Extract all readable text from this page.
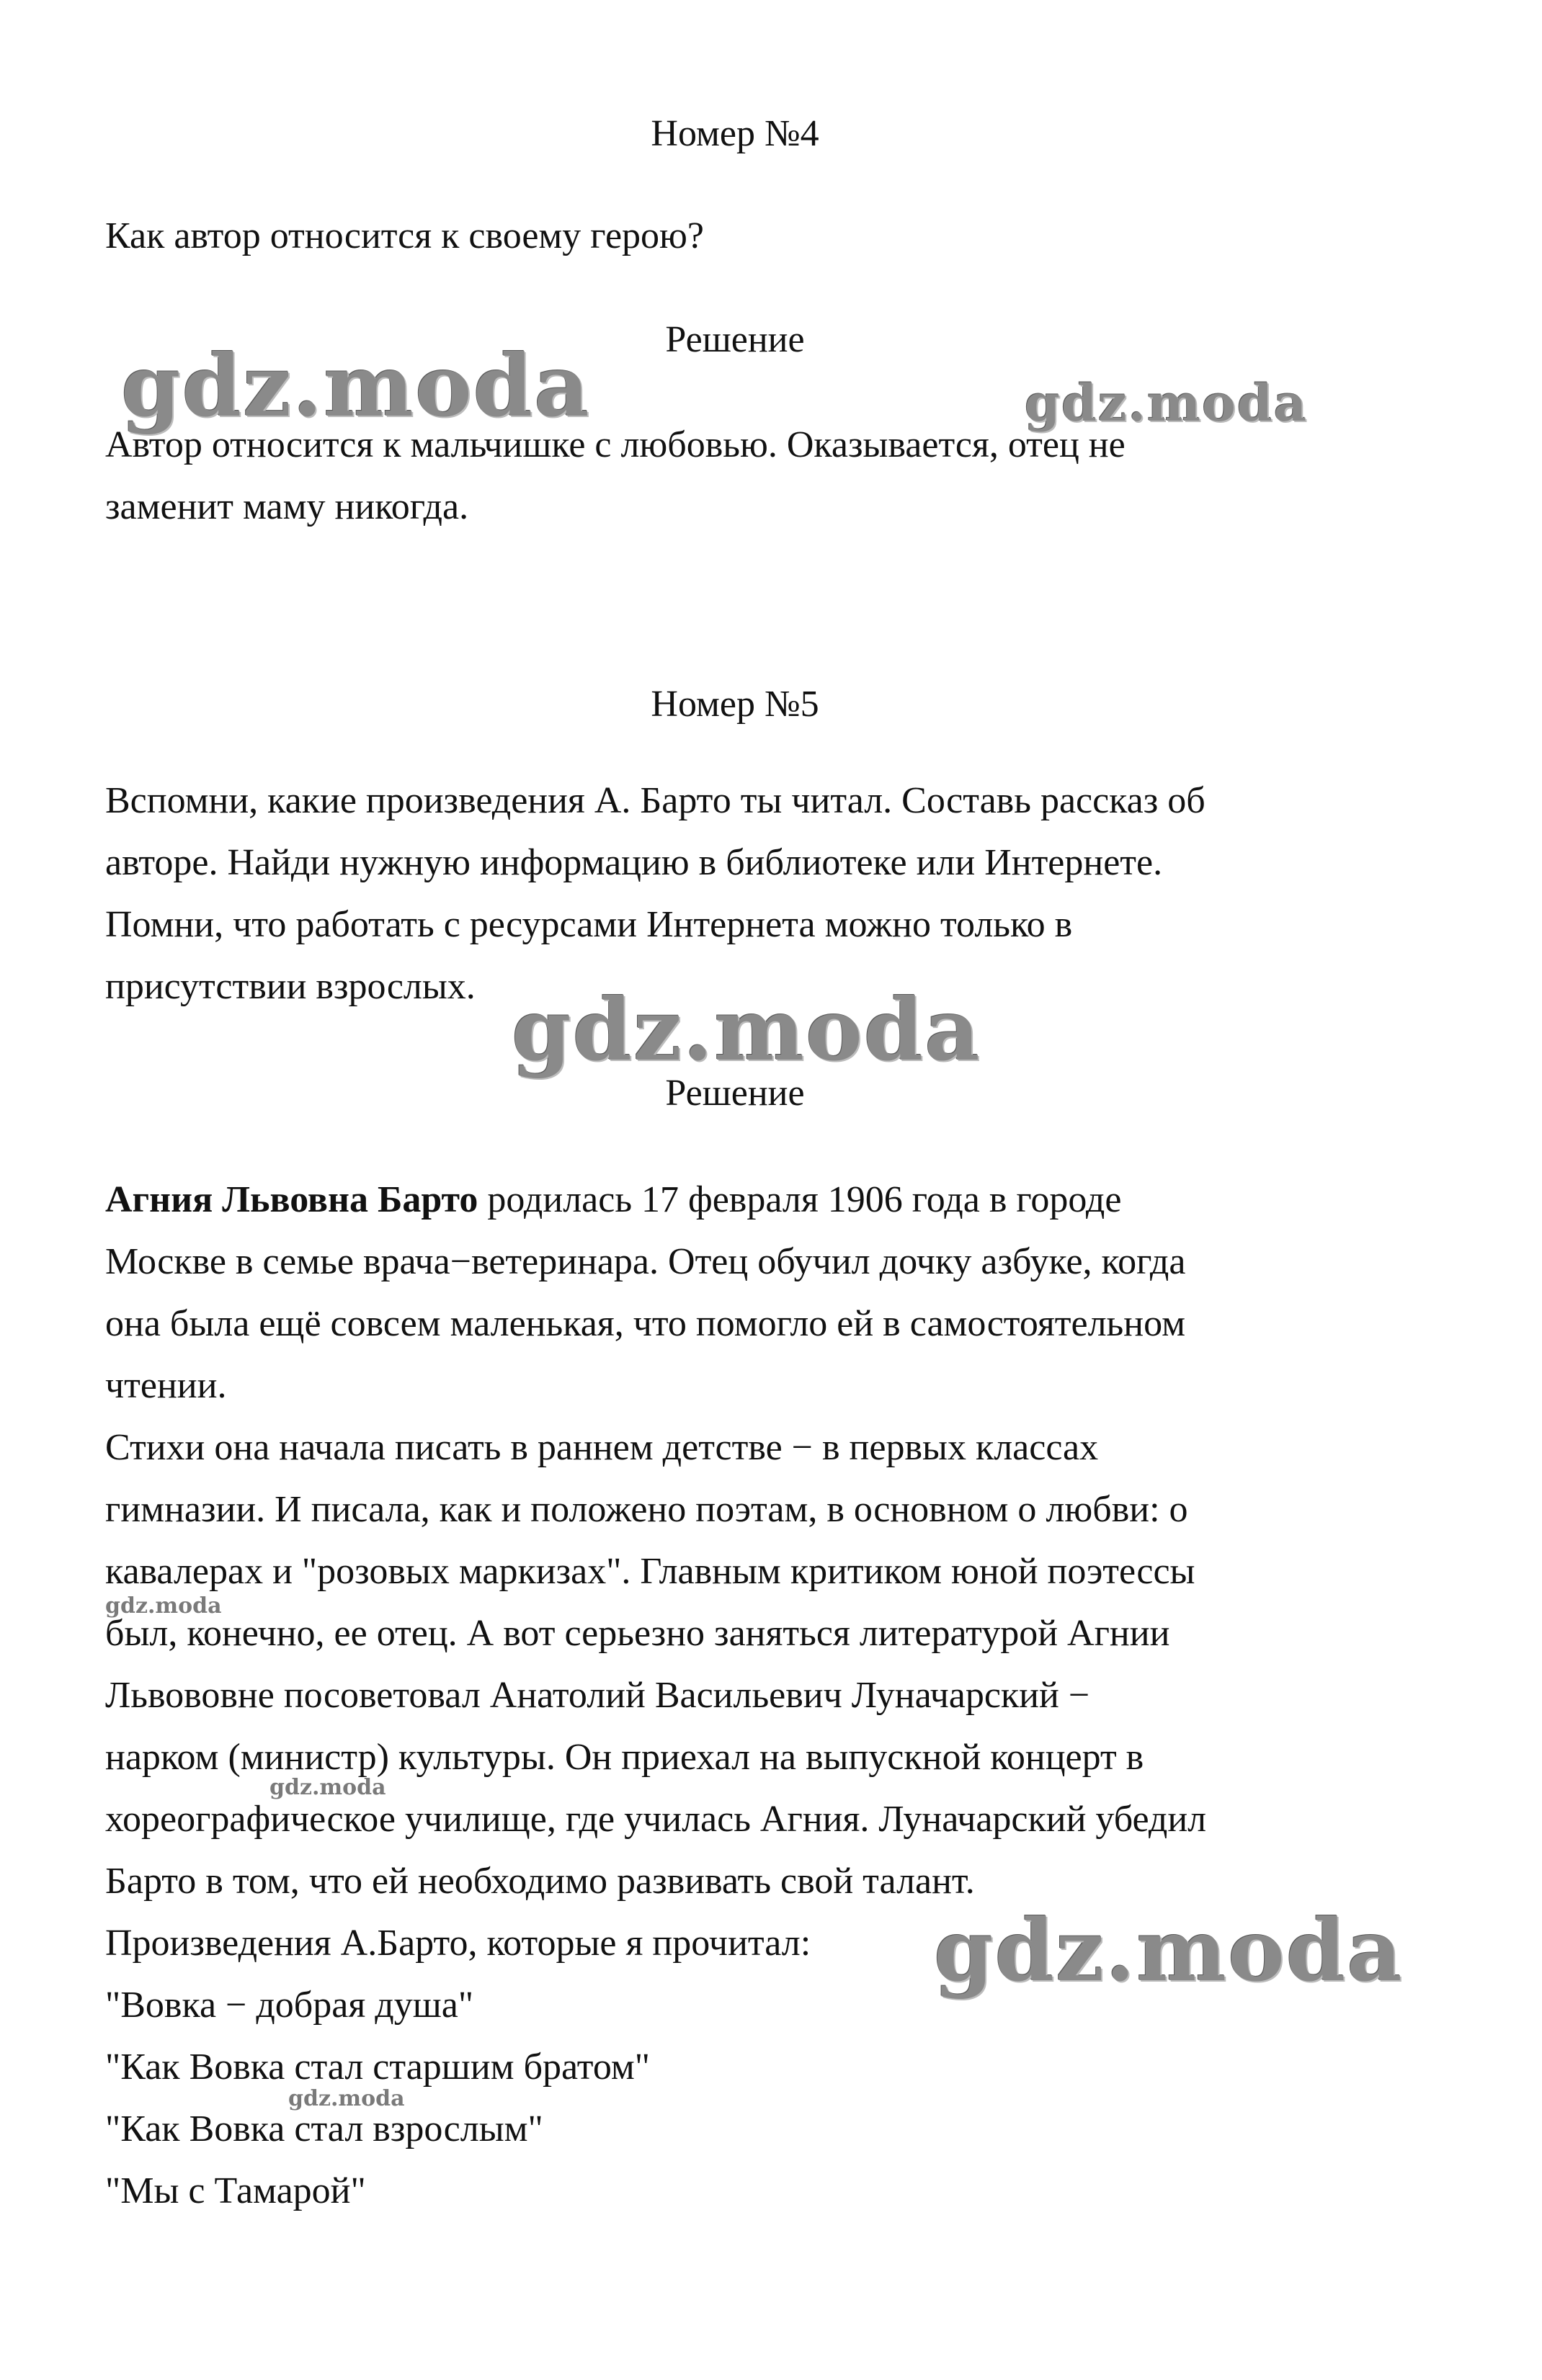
Номер №4
Как автор относится к своему герою?
Решение
Автор относится к мальчишке с любовью. Оказывается, отец не
заменит маму никогда.
Номер №5
Вспомни, какие произведения А. Барто ты читал. Составь рассказ об
авторе. Найди нужную информацию в библиотеке или Интернете.
Помни, что работать с ресурсами Интернета можно только в
присутствии взрослых.
Решение
Агния Львовна Барто родилась 17 февраля 1906 года в городе
Москве в семье врача−ветеринара. Отец обучил дочку азбуке, когда
она была ещё совсем маленькая, что помогло ей в самостоятельном
чтении.
Стихи она начала писать в раннем детстве − в первых классах
гимназии. И писала, как и положено поэтам, в основном о любви: о
кавалерах и "розовых маркизах". Главным критиком юной поэтессы
был, конечно, ее отец. А вот серьезно заняться литературой Агнии
Львововне посоветовал Анатолий Васильевич Луначарский −
нарком (министр) культуры. Он приехал на выпускной концерт в
хореографическое училище, где училась Агния. Луначарский убедил
Барто в том, что ей необходимо развивать свой талант.
Произведения А.Барто, которые я прочитал:
"Вовка − добрая душа"
"Как Вовка стал старшим братом"
"Как Вовка стал взрослым"
"Мы с Тамарой"
gdz.moda	gdz.moda
gdz.moda
gdz.moda
gdz.moda
gdz.moda
gdz.moda
